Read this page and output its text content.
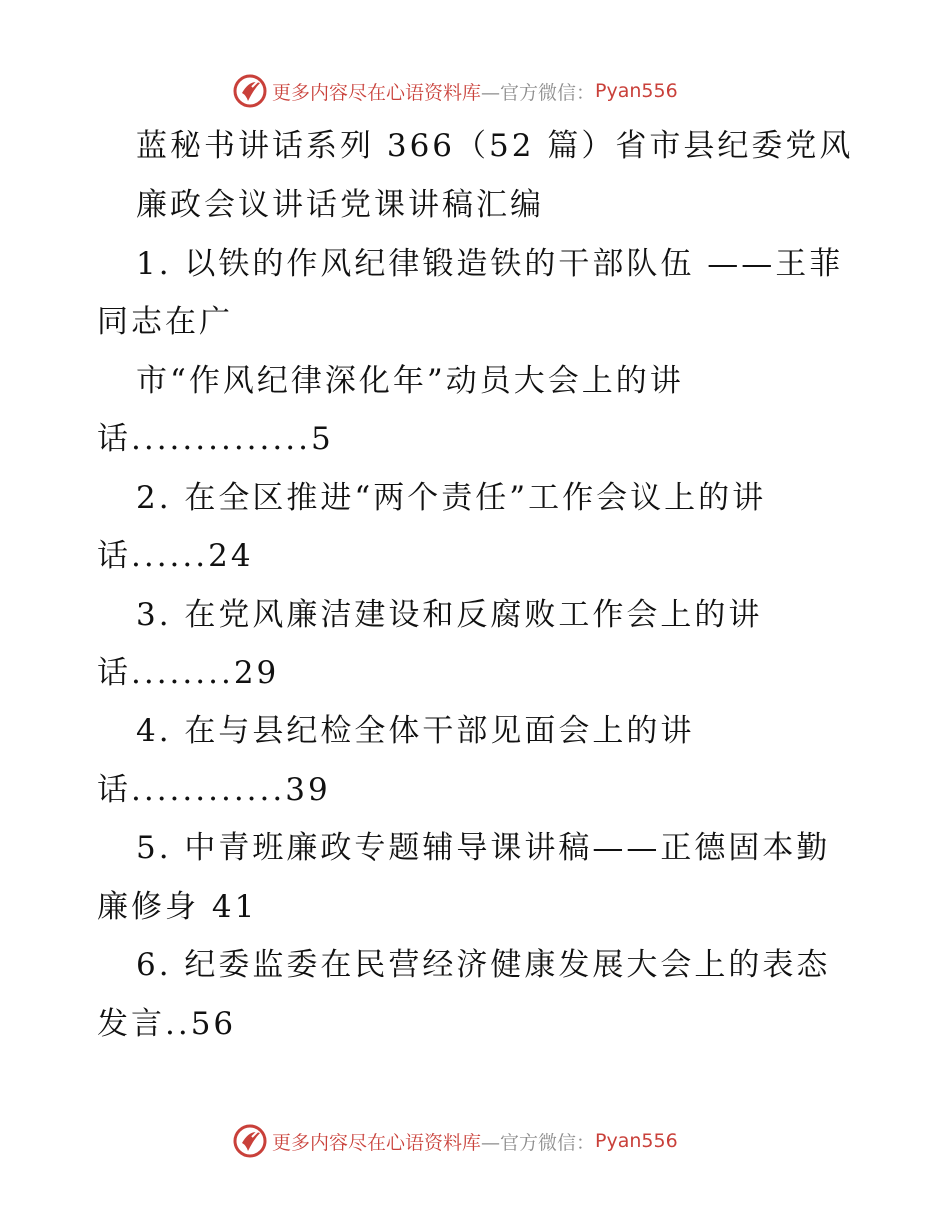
更多内容尽在心语资料库 —官方微信： Pyan556
蓝秘书讲话系列 366（52 篇）省市县纪委党风
廉政会议讲话党课讲稿汇编
1. 以铁的作风纪律锻造铁的干部队伍 ——王菲
同志在广
市“作风纪律深化年”动员大会上的讲
话..............5
2. 在全区推进“两个责任”工作会议上的讲
话......24
3. 在党风廉洁建设和反腐败工作会上的讲
话........29
4. 在与县纪检全体干部见面会上的讲
话............39
5. 中青班廉政专题辅导课讲稿——正德固本勤
廉修身 41
6. 纪委监委在民营经济健康发展大会上的表态
发言..56
更多内容尽在心语资料库 —官方微信： Pyan556
